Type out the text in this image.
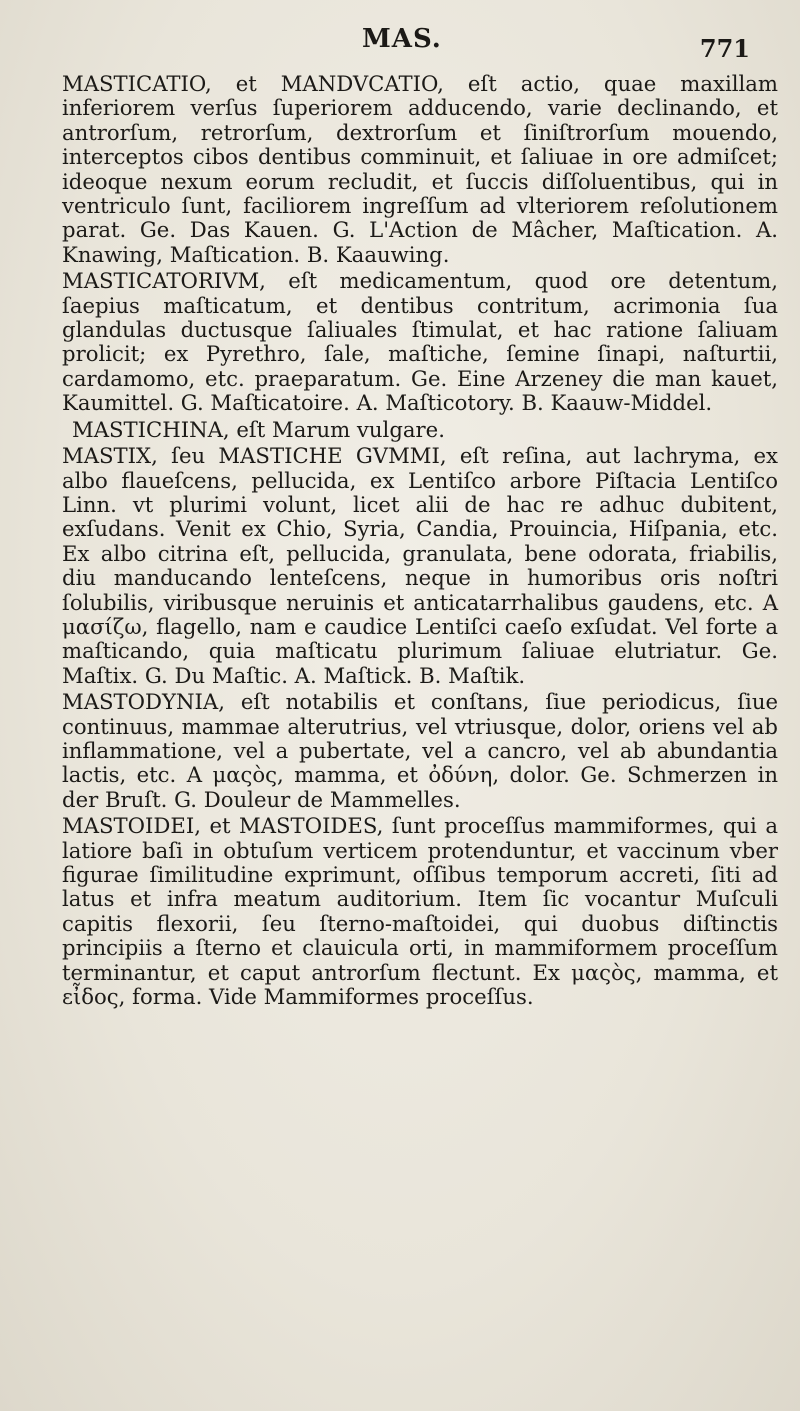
MAS.	771

MASTICATIO, et MANDVCATIO, eſt actio, quae maxillam inferiorem verſus ſuperiorem adducendo, varie declinando, et antrorſum, retrorſum, dextrorſum et ſiniſtrorſum mouendo, interceptos cibos dentibus comminuit, et ſaliuae in ore admiſcet; ideoque nexum eorum recludit, et ſuccis diſſoluentibus, qui in ventriculo ſunt, faciliorem ingreſſum ad vlteriorem reſolutionem parat. Ge. Das Kauen. G. L'Action de Mâcher, Maſtication. A. Knawing, Maſtication. B. Kaauwing.

MASTICATORIVM, eſt medicamentum, quod ore detentum, ſaepius maſticatum, et dentibus contritum, acrimonia ſua glandulas ductusque ſaliuales ſtimulat, et hac ratione ſaliuam prolicit; ex Pyrethro, ſale, maſtiche, ſemine ſinapi, naſturtii, cardamomo, etc. praeparatum. Ge. Eine Arzeney die man kauet, Kaumittel. G. Maſticatoire. A. Maſticotory. B. Kaauw-Middel.

MASTICHINA, eſt Marum vulgare.

MASTIX, ſeu MASTICHE GVMMI, eſt reſina, aut lachryma, ex albo flaueſcens, pellucida, ex Lentiſco arbore Piſtacia Lentiſco Linn. vt plurimi volunt, licet alii de hac re adhuc dubitent, exſudans. Venit ex Chio, Syria, Candia, Prouincia, Hiſpania, etc. Ex albo citrina eſt, pellucida, granulata, bene odorata, friabilis, diu manducando lenteſcens, neque in humoribus oris noſtri ſolubilis, viribusque neruinis et anticatarrhalibus gaudens, etc. A μασίζω, flagello, nam e caudice Lentiſci caeſo exſudat. Vel forte a maſticando, quia maſticatu plurimum ſaliuae elutriatur. Ge. Maſtix. G. Du Maſtic. A. Maſtick. B. Maſtik.

MASTODYNIA, eſt notabilis et conſtans, ſiue periodicus, ſiue continuus, mammae alterutrius, vel vtriusque, dolor, oriens vel ab inflammatione, vel a pubertate, vel a cancro, vel ab abundantia lactis, etc. A μαςὸς, mamma, et ὀδύνη, dolor. Ge. Schmerzen in der Bruſt. G. Douleur de Mammelles.

MASTOIDEI, et MASTOIDES, ſunt proceſſus mammiformes, qui a latiore baſi in obtuſum verticem protenduntur, et vaccinum vber figurae ſimilitudine exprimunt, oſſibus temporum accreti, ſiti ad latus et infra meatum auditorium. Item ſic vocantur Muſculi capitis flexorii, ſeu ſterno-maſtoidei, qui duobus diſtinctis principiis a ſterno et clauicula orti, in mammiformem proceſſum terminantur, et caput antrorſum flectunt. Ex μαςὸς, mamma, et εἶδος, forma. Vide Mammiformes proceſſus.
